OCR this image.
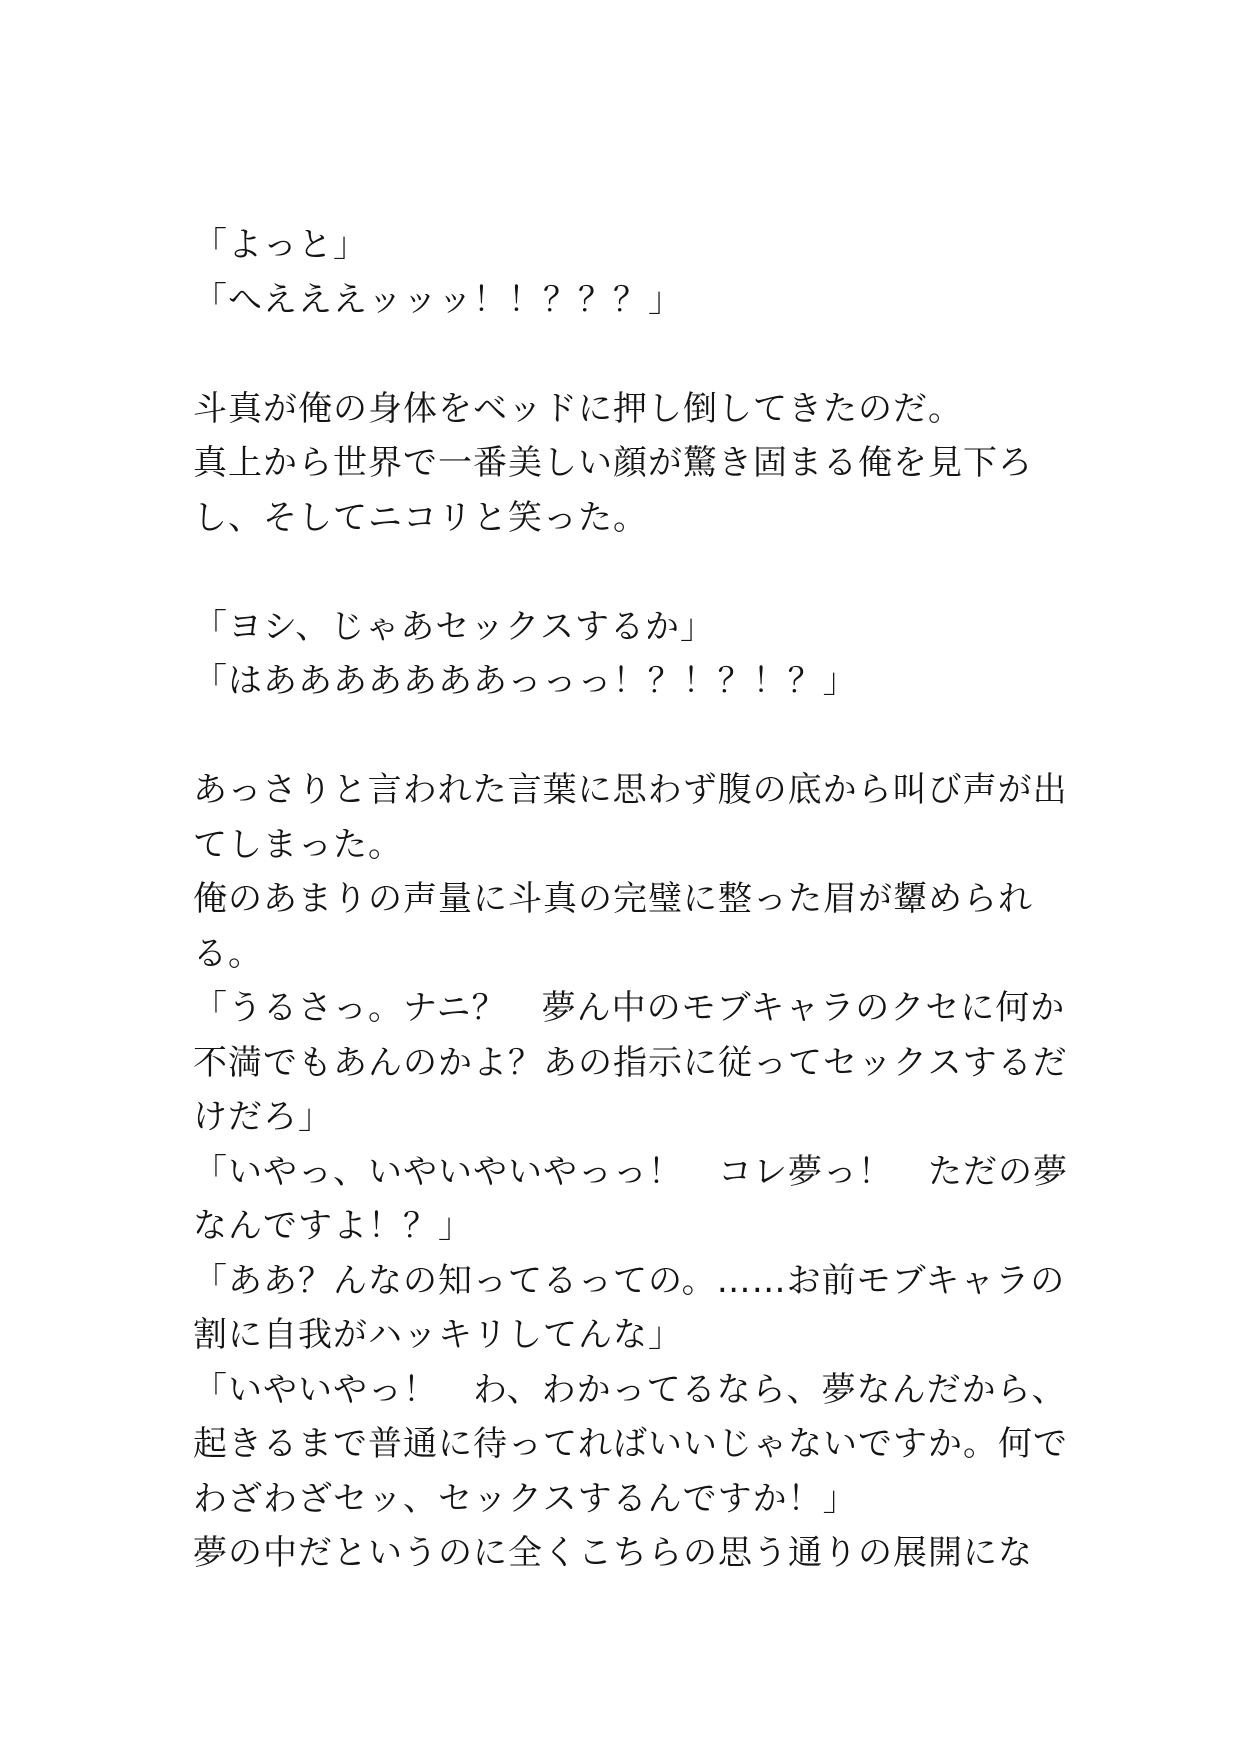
「よっと」
「へえええッッッ！！？？？」
斗真が俺の身体をベッドに押し倒してきたのだ。
真上から世界で一番美しい顔が驚き固まる俺を見下ろ
し、そしてニコリと笑った。
「ヨシ、じゃあセックスするか」
「はあああああああっっっ！？！？！？」
あっさりと言われた言葉に思わず腹の底から叫び声が出
てしまった。
俺のあまりの声量に斗真の完璧に整った眉が顰められ
る。
「うるさっ。ナニ？　夢ん中のモブキャラのクセに何か
不満でもあんのかよ？あの指示に従ってセックスするだ
けだろ」
「いやっ、いやいやいやっっ！　コレ夢っ！　ただの夢
なんですよ！？」
「ああ？んなの知ってるっての。……お前モブキャラの
割に自我がハッキリしてんな」
「いやいやっ！　わ、わかってるなら、夢なんだから、
起きるまで普通に待ってればいいじゃないですか。何で
わざわざセッ、セックスするんですか！」
夢の中だというのに全くこちらの思う通りの展開にな
